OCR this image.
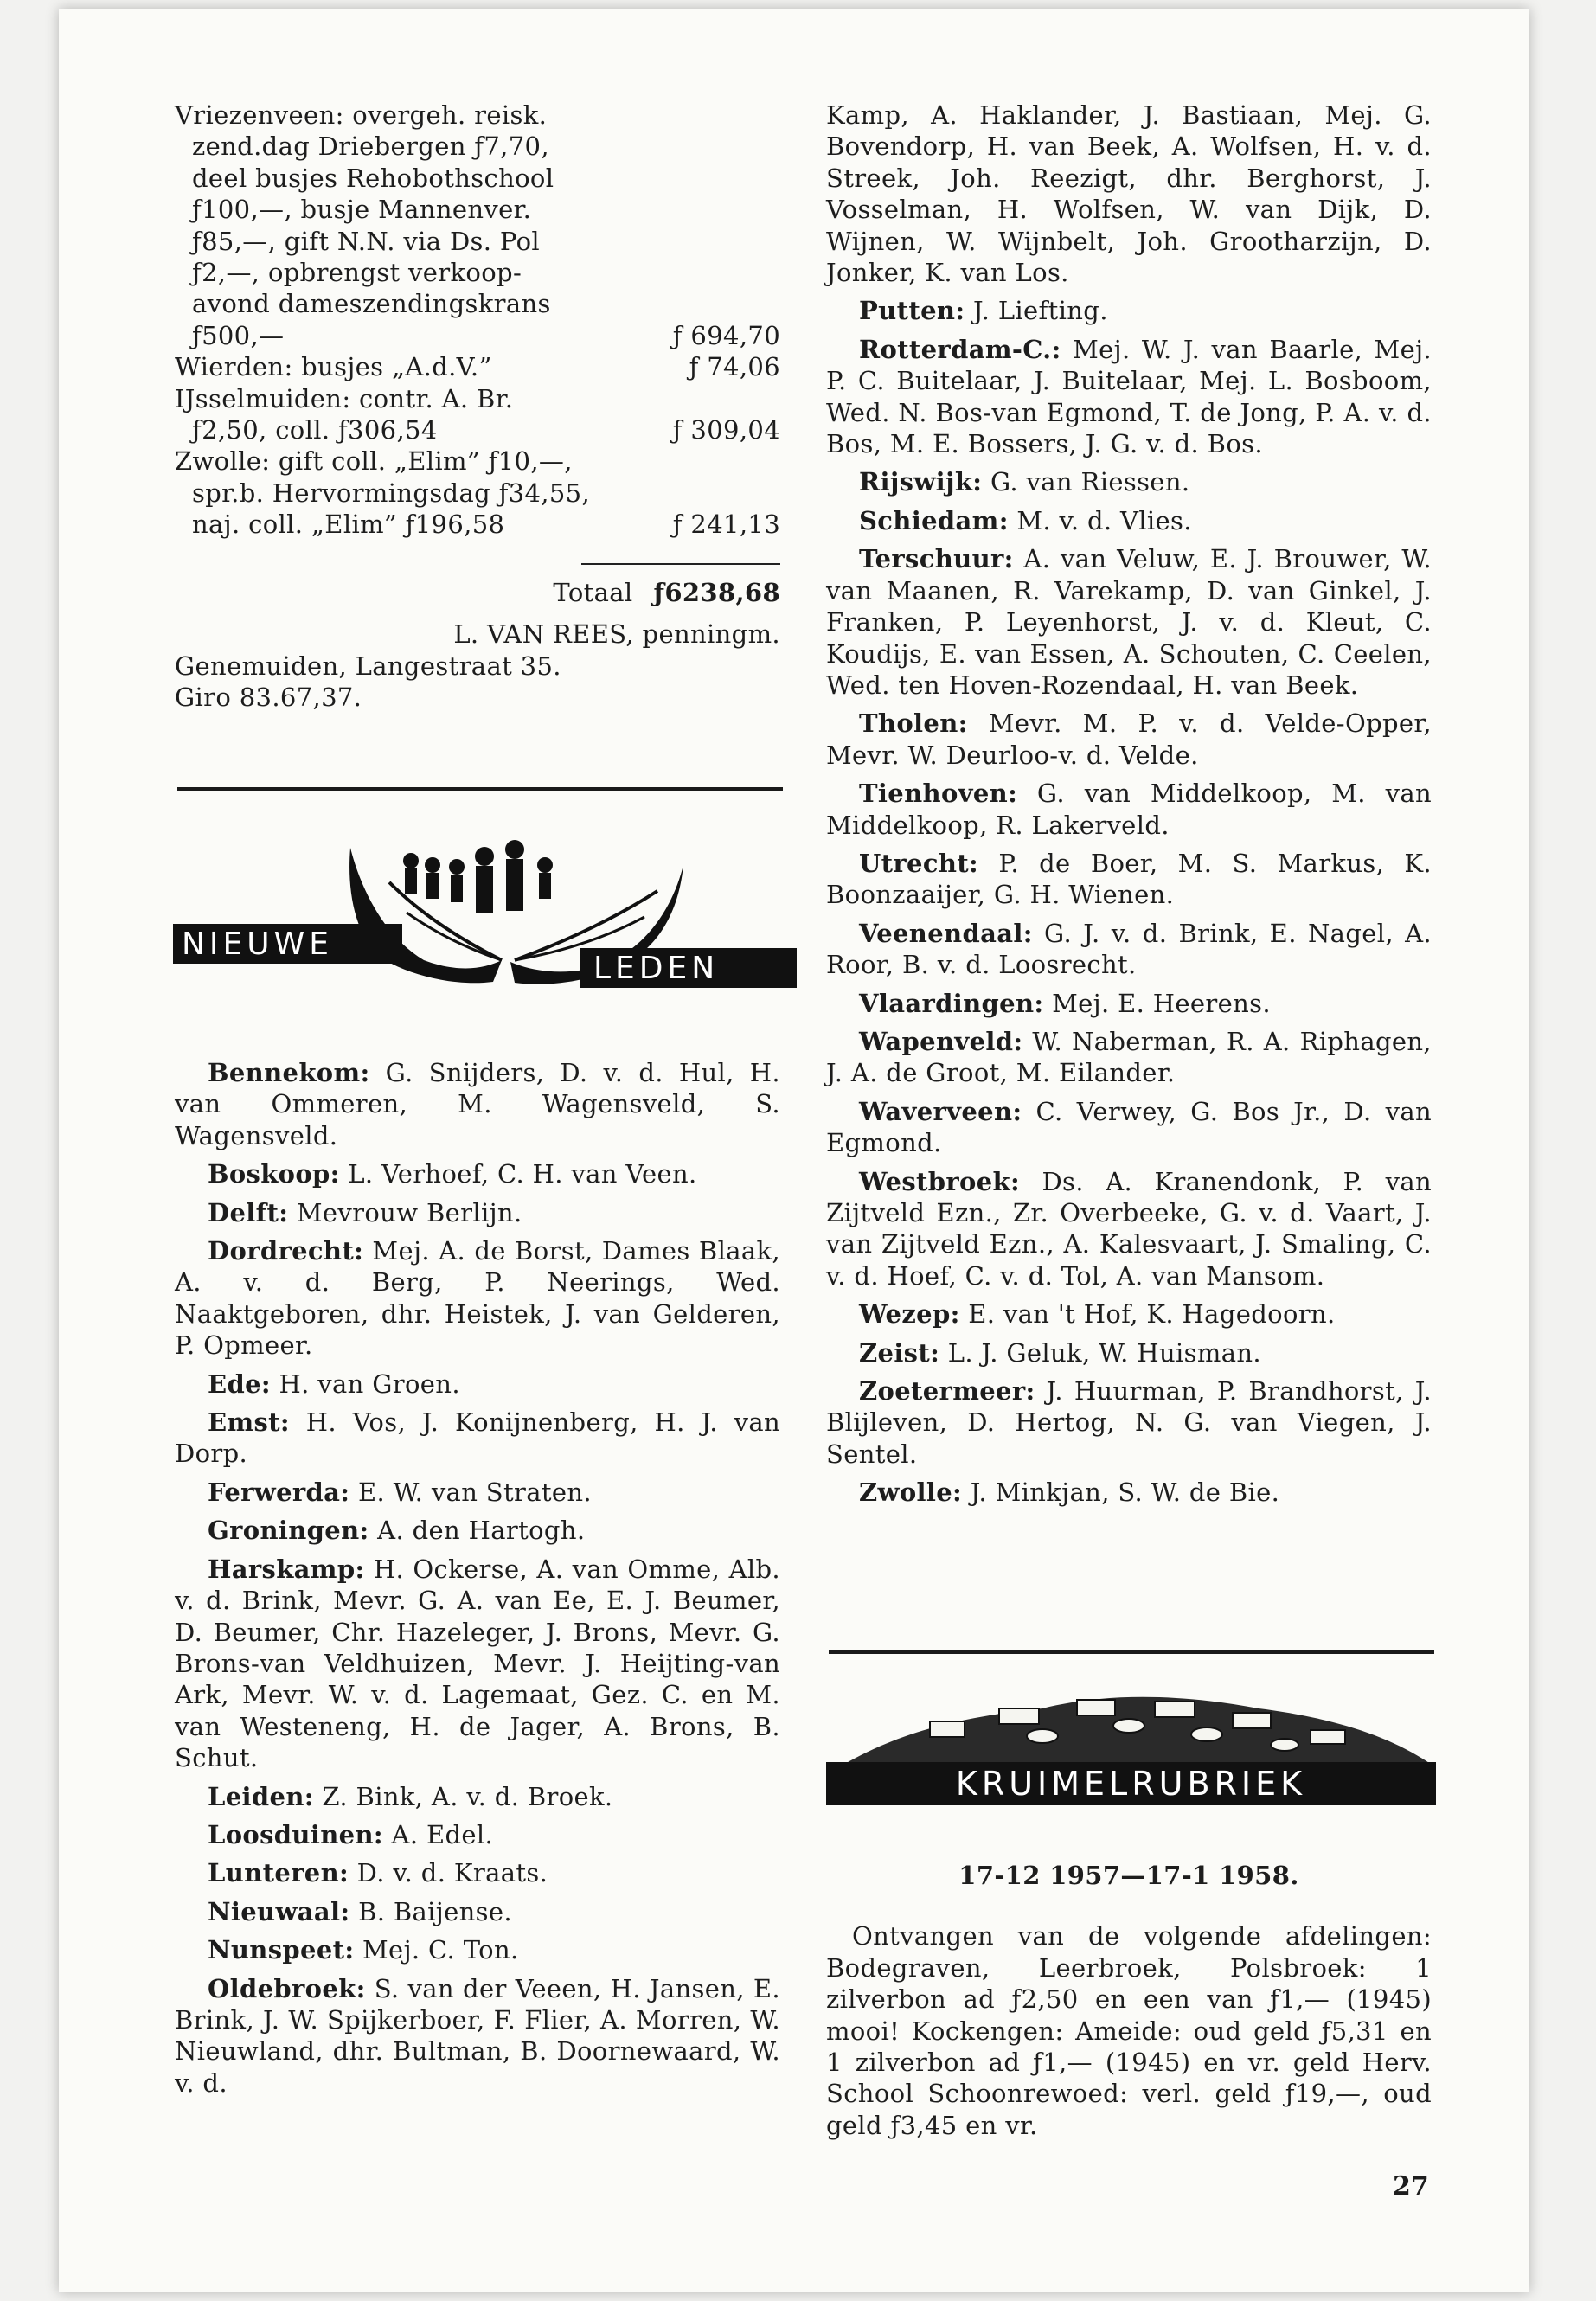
Vriezenveen: overgeh. reisk.
zend.dag Driebergen ƒ7,70,
deel busjes Rehobothschool
ƒ100,—, busje Mannenver.
ƒ85,—, gift N.N. via Ds. Pol
ƒ2,—, opbrengst verkoop-
avond dameszendingskrans
ƒ500,—	ƒ 694,70
Wierden: busjes „A.d.V.”	ƒ 74,06
IJsselmuiden: contr. A. Br.
ƒ2,50, coll. ƒ306,54	ƒ 309,04
Zwolle: gift coll. „Elim” ƒ10,—,
spr.b. Hervormingsdag ƒ34,55,
naj. coll. „Elim” ƒ196,58	ƒ 241,13
Totaal ƒ6238,68
L. VAN REES, penningm.
Genemuiden, Langestraat 35.
Giro 83.67,37.
NIEUWE
LEDEN

Bennekom: G. Snijders, D. v. d. Hul, H. van Ommeren, M. Wagensveld, S. Wagensveld.

Boskoop: L. Verhoef, C. H. van Veen.

Delft: Mevrouw Berlijn.

Dordrecht: Mej. A. de Borst, Dames Blaak, A. v. d. Berg, P. Neerings, Wed. Naaktgeboren, dhr. Heistek, J. van Gelderen, P. Opmeer.

Ede: H. van Groen.

Emst: H. Vos, J. Konijnenberg, H. J. van Dorp.

Ferwerda: E. W. van Straten.

Groningen: A. den Hartogh.

Harskamp: H. Ockerse, A. van Omme, Alb. v. d. Brink, Mevr. G. A. van Ee, E. J. Beumer, D. Beumer, Chr. Hazeleger, J. Brons, Mevr. G. Brons-van Veldhuizen, Mevr. J. Heijting-van Ark, Mevr. W. v. d. Lagemaat, Gez. C. en M. van Westeneng, H. de Jager, A. Brons, B. Schut.

Leiden: Z. Bink, A. v. d. Broek.

Loosduinen: A. Edel.

Lunteren: D. v. d. Kraats.

Nieuwaal: B. Baijense.

Nunspeet: Mej. C. Ton.

Oldebroek: S. van der Veeen, H. Jansen, E. Brink, J. W. Spijkerboer, F. Flier, A. Morren, W. Nieuwland, dhr. Bultman, B. Doornewaard, W. v. d.

Kamp, A. Haklander, J. Bastiaan, Mej. G. Bovendorp, H. van Beek, A. Wolfsen, H. v. d. Streek, Joh. Reezigt, dhr. Berghorst, J. Vosselman, H. Wolfsen, W. van Dijk, D. Wijnen, W. Wijnbelt, Joh. Grootharzijn, D. Jonker, K. van Los.

Putten: J. Liefting.

Rotterdam-C.: Mej. W. J. van Baarle, Mej. P. C. Buitelaar, J. Buitelaar, Mej. L. Bosboom, Wed. N. Bos-van Egmond, T. de Jong, P. A. v. d. Bos, M. E. Bossers, J. G. v. d. Bos.

Rijswijk: G. van Riessen.

Schiedam: M. v. d. Vlies.

Terschuur: A. van Veluw, E. J. Brouwer, W. van Maanen, R. Varekamp, D. van Ginkel, J. Franken, P. Leyenhorst, J. v. d. Kleut, C. Koudijs, E. van Essen, A. Schouten, C. Ceelen, Wed. ten Hoven-Rozendaal, H. van Beek.

Tholen: Mevr. M. P. v. d. Velde-Opper, Mevr. W. Deurloo-v. d. Velde.

Tienhoven: G. van Middelkoop, M. van Middelkoop, R. Lakerveld.

Utrecht: P. de Boer, M. S. Markus, K. Boonzaaijer, G. H. Wienen.

Veenendaal: G. J. v. d. Brink, E. Nagel, A. Roor, B. v. d. Loosrecht.

Vlaardingen: Mej. E. Heerens.

Wapenveld: W. Naberman, R. A. Riphagen, J. A. de Groot, M. Eilander.

Waverveen: C. Verwey, G. Bos Jr., D. van Egmond.

Westbroek: Ds. A. Kranendonk, P. van Zijtveld Ezn., Zr. Overbeeke, G. v. d. Vaart, J. van Zijtveld Ezn., A. Kalesvaart, J. Smaling, C. v. d. Hoef, C. v. d. Tol, A. van Mansom.

Wezep: E. van 't Hof, K. Hagedoorn.

Zeist: L. J. Geluk, W. Huisman.

Zoetermeer: J. Huurman, P. Brandhorst, J. Blijleven, D. Hertog, N. G. van Viegen, J. Sentel.

Zwolle: J. Minkjan, S. W. de Bie.

KRUIMELRUBRIEK
17-12 1957—17-1 1958.

Ontvangen van de volgende afdelingen: Bodegraven, Leerbroek, Polsbroek: 1 zilverbon ad ƒ2,50 en een van ƒ1,— (1945) mooi! Kockengen: Ameide: oud geld ƒ5,31 en 1 zilverbon ad ƒ1,— (1945) en vr. geld Herv. School Schoonrewoed: verl. geld ƒ19,—, oud geld ƒ3,45 en vr.

27
